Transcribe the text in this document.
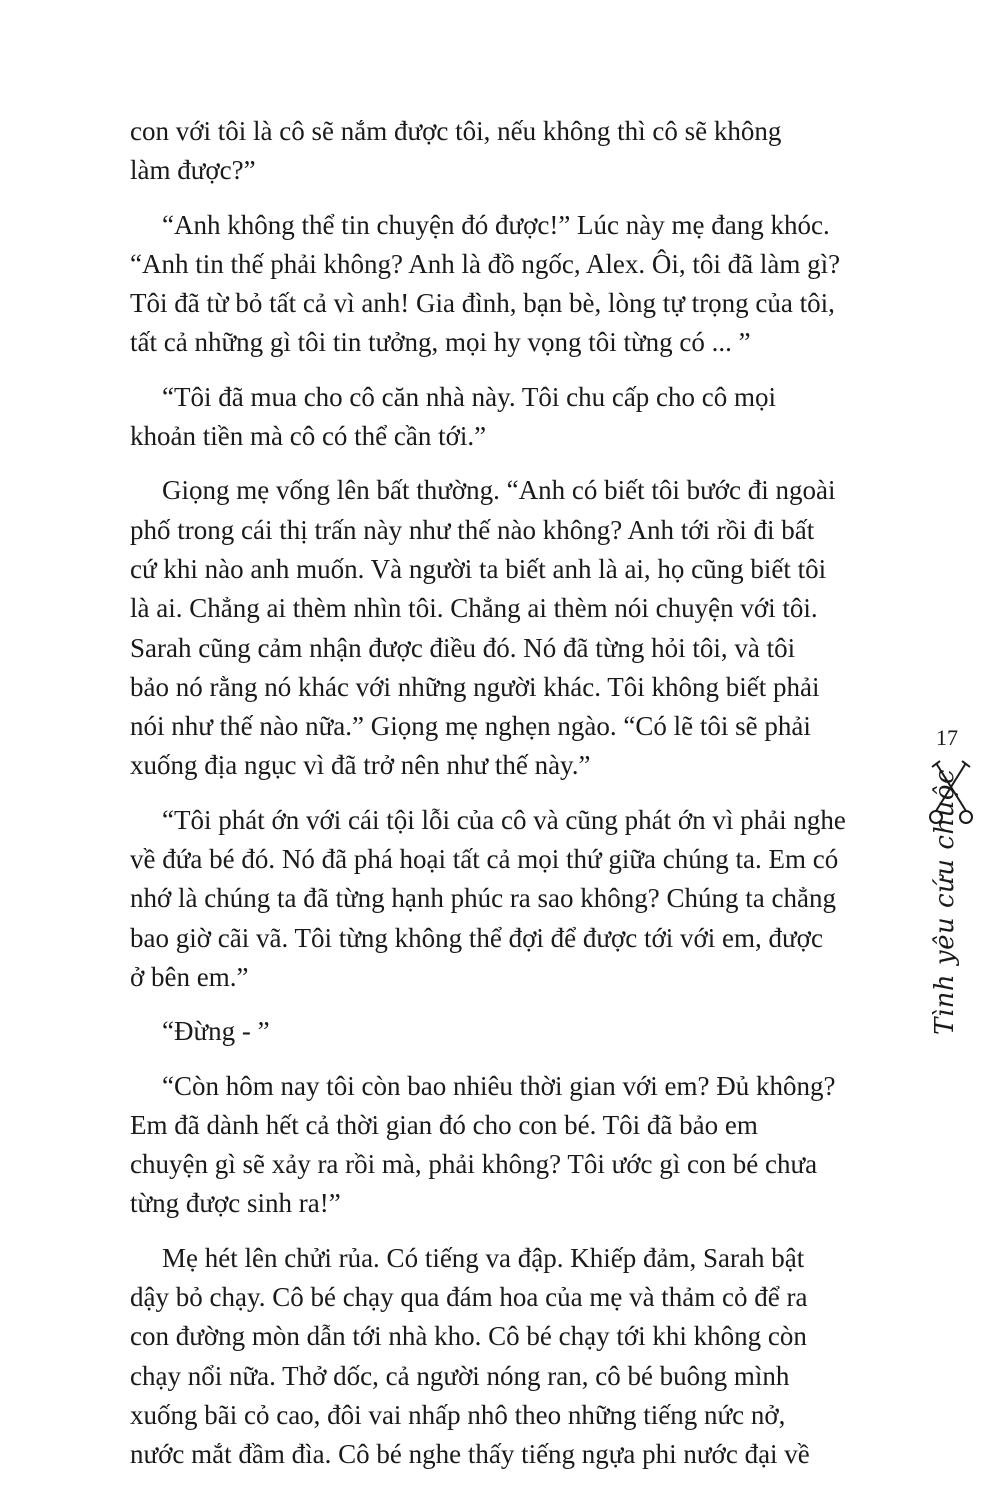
con với tôi là cô sẽ nắm được tôi, nếu không thì cô sẽ không
làm được?”
“Anh không thể tin chuyện đó được!” Lúc này mẹ đang khóc.
“Anh tin thế phải không? Anh là đồ ngốc, Alex. Ôi, tôi đã làm gì?
Tôi đã từ bỏ tất cả vì anh! Gia đình, bạn bè, lòng tự trọng của tôi,
tất cả những gì tôi tin tưởng, mọi hy vọng tôi từng có ... ”
“Tôi đã mua cho cô căn nhà này. Tôi chu cấp cho cô mọi
khoản tiền mà cô có thể cần tới.”
Giọng mẹ vống lên bất thường. “Anh có biết tôi bước đi ngoài
phố trong cái thị trấn này như thế nào không? Anh tới rồi đi bất
cứ khi nào anh muốn. Và người ta biết anh là ai, họ cũng biết tôi
là ai. Chẳng ai thèm nhìn tôi. Chẳng ai thèm nói chuyện với tôi.
Sarah cũng cảm nhận được điều đó. Nó đã từng hỏi tôi, và tôi
bảo nó rằng nó khác với những người khác. Tôi không biết phải
nói như thế nào nữa.” Giọng mẹ nghẹn ngào. “Có lẽ tôi sẽ phải
xuống địa ngục vì đã trở nên như thế này.”
“Tôi phát ớn với cái tội lỗi của cô và cũng phát ớn vì phải nghe
về đứa bé đó. Nó đã phá hoại tất cả mọi thứ giữa chúng ta. Em có
nhớ là chúng ta đã từng hạnh phúc ra sao không? Chúng ta chẳng
bao giờ cãi vã. Tôi từng không thể đợi để được tới với em, được
ở bên em.”
“Đừng - ”
“Còn hôm nay tôi còn bao nhiêu thời gian với em? Đủ không?
Em đã dành hết cả thời gian đó cho con bé. Tôi đã bảo em
chuyện gì sẽ xảy ra rồi mà, phải không? Tôi ước gì con bé chưa
từng được sinh ra!”
Mẹ hét lên chửi rủa. Có tiếng va đập. Khiếp đảm, Sarah bật
dậy bỏ chạy. Cô bé chạy qua đám hoa của mẹ và thảm cỏ để ra
con đường mòn dẫn tới nhà kho. Cô bé chạy tới khi không còn
chạy nổi nữa. Thở dốc, cả người nóng ran, cô bé buông mình
xuống bãi cỏ cao, đôi vai nhấp nhô theo những tiếng nức nở,
nước mắt đầm đìa. Cô bé nghe thấy tiếng ngựa phi nước đại về
17
Tình yêu cứu chuộc
